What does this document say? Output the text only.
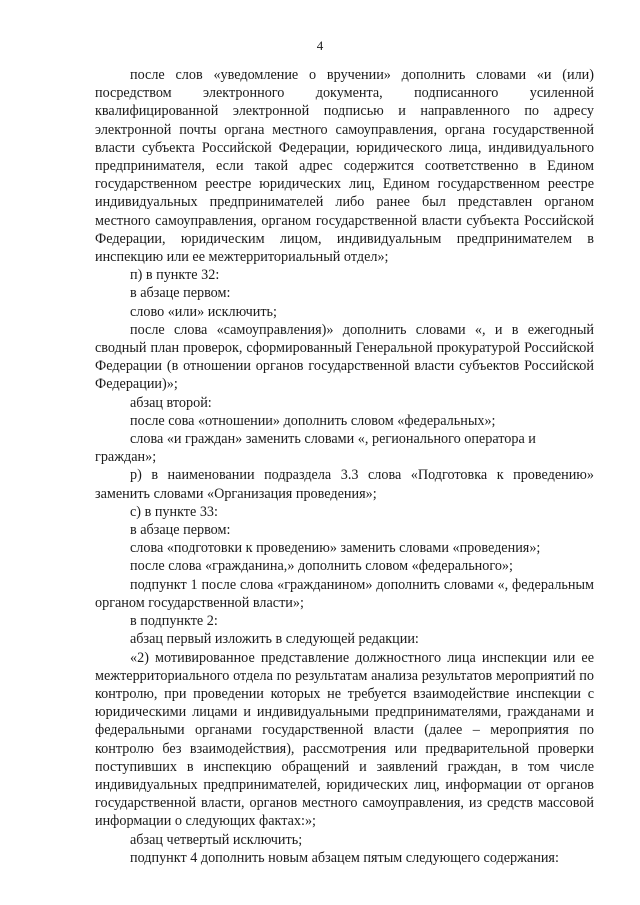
4

после слов «уведомление о вручении» дополнить словами «и (или) посредством электронного документа, подписанного усиленной квалифицированной электронной подписью и направленного по адресу электронной почты органа местного самоуправления, органа государственной власти субъекта Российской Федерации, юридического лица, индивидуального предпринимателя, если такой адрес содержится соответственно в Едином государственном реестре юридических лиц, Едином государственном реестре индивидуальных предпринимателей либо ранее был представлен органом местного самоуправления, органом государственной власти субъекта Российской Федерации, юридическим лицом, индивидуальным предпринимателем в инспекцию или ее межтерриториальный отдел»;

п) в пункте 32:

в абзаце первом:

слово «или» исключить;

после слова «самоуправления)» дополнить словами «, и в ежегодный сводный план проверок, сформированный Генеральной прокуратурой Российской Федерации (в отношении органов государственной власти субъектов Российской Федерации)»;

абзац второй:

после сова «отношении» дополнить словом «федеральных»;

слова «и граждан» заменить словами «, регионального оператора и граждан»;

р) в наименовании подраздела 3.3 слова «Подготовка к проведению» заменить словами «Организация проведения»;

с) в пункте 33:

в абзаце первом:

слова «подготовки к проведению» заменить словами «проведения»;

после слова «гражданина,» дополнить словом «федерального»;

подпункт 1 после слова «гражданином» дополнить словами «, федеральным органом государственной власти»;

в подпункте 2:

абзац первый изложить в следующей редакции:

«2) мотивированное представление должностного лица инспекции или ее межтерриториального отдела по результатам анализа результатов мероприятий по контролю, при проведении которых не требуется взаимодействие инспекции с юридическими лицами и индивидуальными предпринимателями, гражданами и федеральными органами государственной власти (далее – мероприятия по контролю без взаимодействия), рассмотрения или предварительной проверки поступивших в инспекцию обращений и заявлений граждан, в том числе индивидуальных предпринимателей, юридических лиц, информации от органов государственной власти, органов местного самоуправления, из средств массовой информации о следующих фактах:»;

абзац четвертый исключить;

подпункт 4 дополнить новым абзацем пятым следующего содержания:
